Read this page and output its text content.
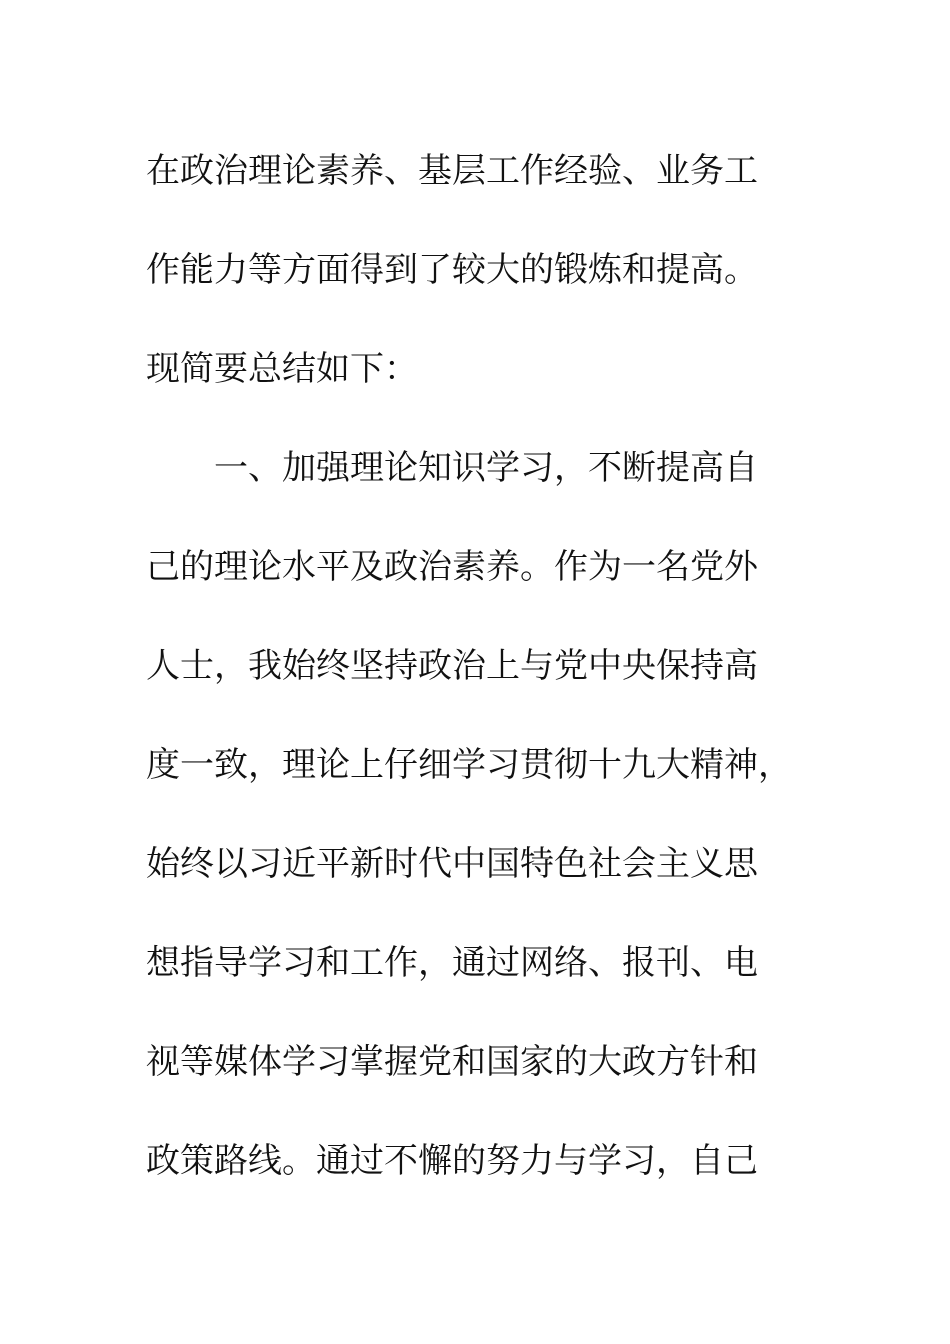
在政治理论素养、基层工作经验、业务工
作能力等方面得到了较大的锻炼和提高。
现简要总结如下：
一、加强理论知识学习，不断提高自
己的理论水平及政治素养。作为一名党外
人士，我始终坚持政治上与党中央保持高
度一致，理论上仔细学习贯彻十九大精神，
始终以习近平新时代中国特色社会主义思
想指导学习和工作，通过网络、报刊、电
视等媒体学习掌握党和国家的大政方针和
政策路线。通过不懈的努力与学习，自己
